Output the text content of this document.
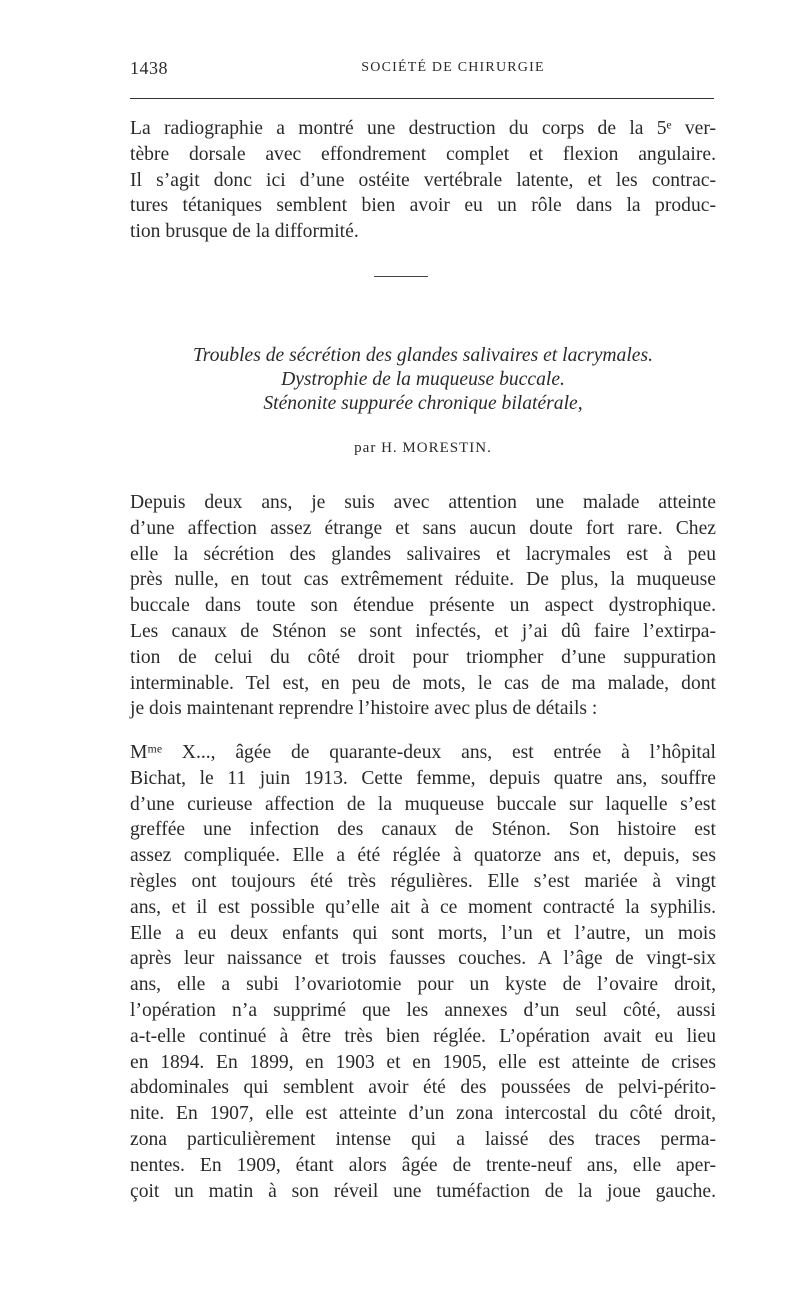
1438	SOCIÉTÉ DE CHIRURGIE
La radiographie a montré une destruction du corps de la 5ᵉ ver-
tèbre dorsale avec effondrement complet et flexion angulaire.
Il s’agit donc ici d’une ostéite vertébrale latente, et les contrac-
tures tétaniques semblent bien avoir eu un rôle dans la produc-
tion brusque de la difformité.
Troubles de sécrétion des glandes salivaires et lacrymales.
Dystrophie de la muqueuse buccale.
Sténonite suppurée chronique bilatérale,
par H. MORESTIN.
Depuis deux ans, je suis avec attention une malade atteinte
d’une affection assez étrange et sans aucun doute fort rare. Chez
elle la sécrétion des glandes salivaires et lacrymales est à peu
près nulle, en tout cas extrêmement réduite. De plus, la muqueuse
buccale dans toute son étendue présente un aspect dystrophique.
Les canaux de Sténon se sont infectés, et j’ai dû faire l’extirpa-
tion de celui du côté droit pour triompher d’une suppuration
interminable. Tel est, en peu de mots, le cas de ma malade, dont
je dois maintenant reprendre l’histoire avec plus de détails :
Mᵐᵉ X..., âgée de quarante-deux ans, est entrée à l’hôpital
Bichat, le 11 juin 1913. Cette femme, depuis quatre ans, souffre
d’une curieuse affection de la muqueuse buccale sur laquelle s’est
greffée une infection des canaux de Sténon. Son histoire est
assez compliquée. Elle a été réglée à quatorze ans et, depuis, ses
règles ont toujours été très régulières. Elle s’est mariée à vingt
ans, et il est possible qu’elle ait à ce moment contracté la syphilis.
Elle a eu deux enfants qui sont morts, l’un et l’autre, un mois
après leur naissance et trois fausses couches. A l’âge de vingt-six
ans, elle a subi l’ovariotomie pour un kyste de l’ovaire droit,
l’opération n’a supprimé que les annexes d’un seul côté, aussi
a-t-elle continué à être très bien réglée. L’opération avait eu lieu
en 1894. En 1899, en 1903 et en 1905, elle est atteinte de crises
abdominales qui semblent avoir été des poussées de pelvi-périto-
nite. En 1907, elle est atteinte d’un zona intercostal du côté droit,
zona particulièrement intense qui a laissé des traces perma-
nentes. En 1909, étant alors âgée de trente-neuf ans, elle aper-
çoit un matin à son réveil une tuméfaction de la joue gauche.
